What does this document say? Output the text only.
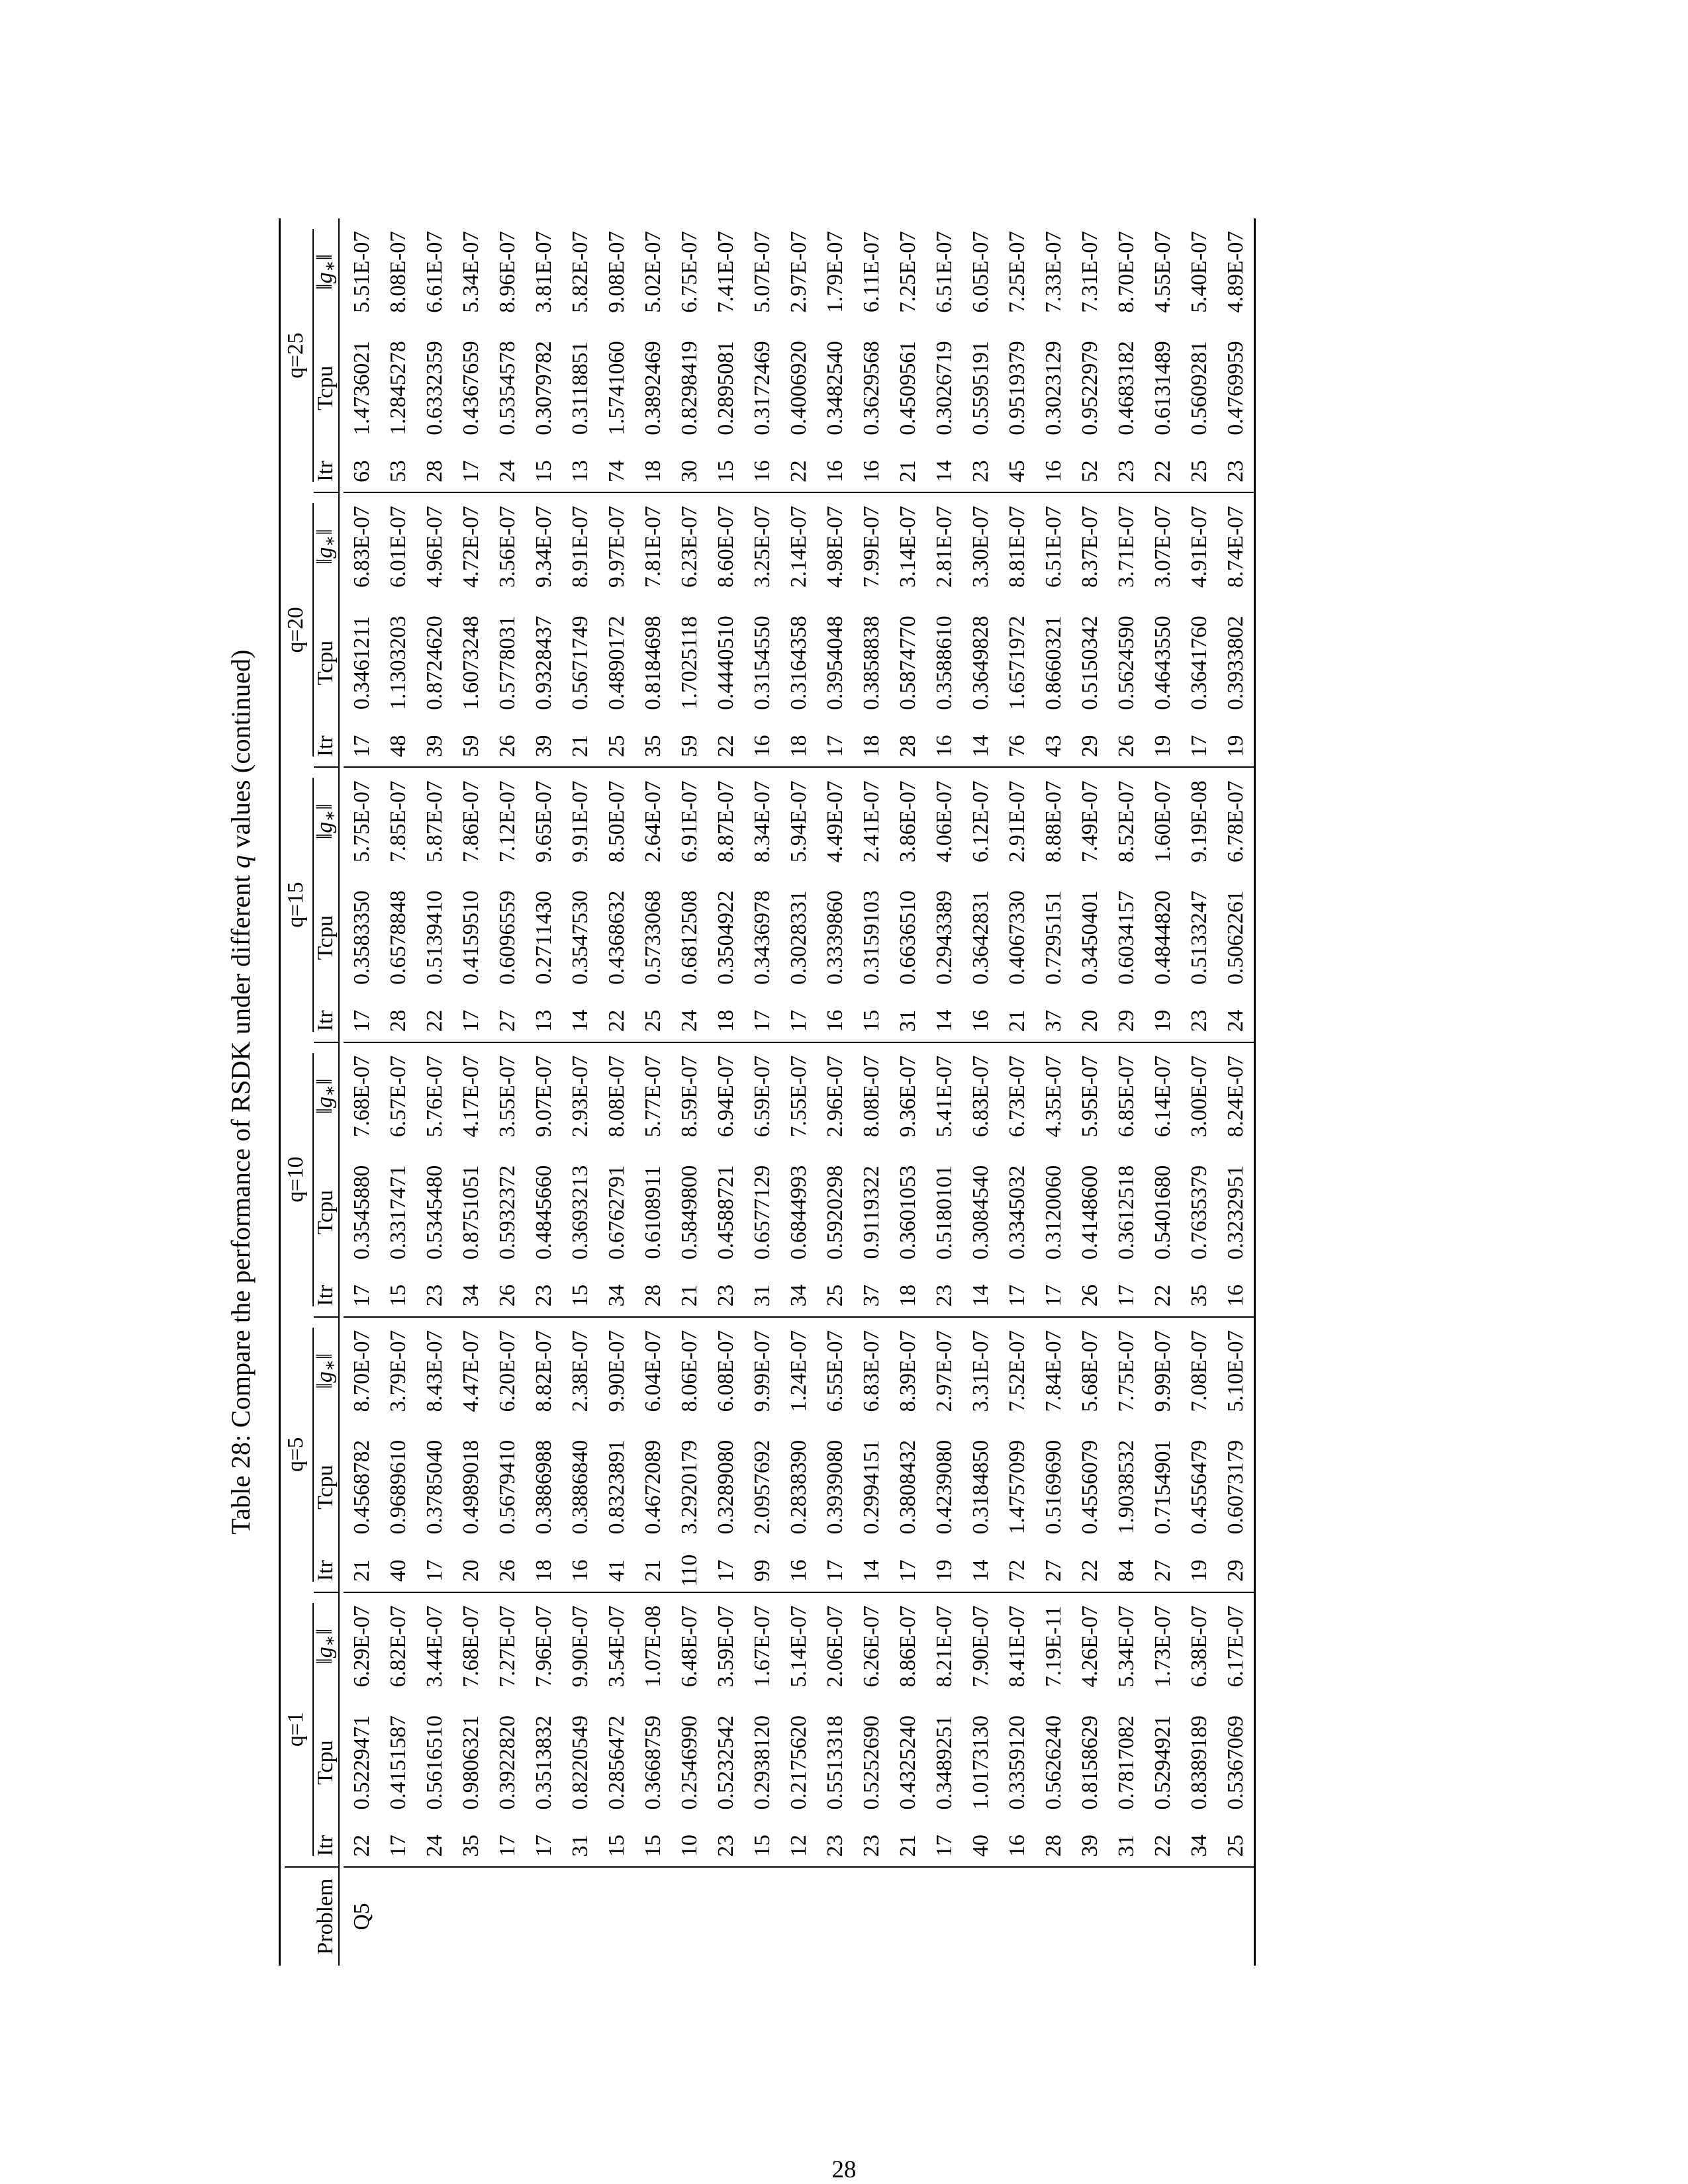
Table 28: Compare the performance of RSDK under different q values (continued)

	q=1			q=5			q=10			q=15			q=20			q=25		

Problem	Itr	Tcpu	$‖g_∗‖$	Itr	Tcpu	$‖g_∗‖$	Itr	Tcpu	$‖g_∗‖$	Itr	Tcpu	$‖g_∗‖$	Itr	Tcpu	$‖g_∗‖$	Itr	Tcpu	$‖g_∗‖$

Q5	22	0.5229471	6.29E-07	21	0.4568782	8.70E-07	17	0.3545880	7.68E-07	17	0.3583350	5.75E-07	17	0.3461211	6.83E-07	63	1.4736021	5.51E-07
	17	0.4151587	6.82E-07	40	0.9689610	3.79E-07	15	0.3317471	6.57E-07	28	0.6578848	7.85E-07	48	1.1303203	6.01E-07	53	1.2845278	8.08E-07
	24	0.5616510	3.44E-07	17	0.3785040	8.43E-07	23	0.5345480	5.76E-07	22	0.5139410	5.87E-07	39	0.8724620	4.96E-07	28	0.6332359	6.61E-07
	35	0.9806321	7.68E-07	20	0.4989018	4.47E-07	34	0.8751051	4.17E-07	17	0.4159510	7.86E-07	59	1.6073248	4.72E-07	17	0.4367659	5.34E-07
	17	0.3922820	7.27E-07	26	0.5679410	6.20E-07	26	0.5932372	3.55E-07	27	0.6096559	7.12E-07	26	0.5778031	3.56E-07	24	0.5354578	8.96E-07
	17	0.3513832	7.96E-07	18	0.3886988	8.82E-07	23	0.4845660	9.07E-07	13	0.2711430	9.65E-07	39	0.9328437	9.34E-07	15	0.3079782	3.81E-07
	31	0.8220549	9.90E-07	16	0.3886840	2.38E-07	15	0.3693213	2.93E-07	14	0.3547530	9.91E-07	21	0.5671749	8.91E-07	13	0.3118851	5.82E-07
	15	0.2856472	3.54E-07	41	0.8323891	9.90E-07	34	0.6762791	8.08E-07	22	0.4368632	8.50E-07	25	0.4890172	9.97E-07	74	1.5741060	9.08E-07
	15	0.3668759	1.07E-08	21	0.4672089	6.04E-07	28	0.6108911	5.77E-07	25	0.5733068	2.64E-07	35	0.8184698	7.81E-07	18	0.3892469	5.02E-07
	10	0.2546990	6.48E-07	110	3.2920179	8.06E-07	21	0.5849800	8.59E-07	24	0.6812508	6.91E-07	59	1.7025118	6.23E-07	30	0.8298419	6.75E-07
	23	0.5232542	3.59E-07	17	0.3289080	6.08E-07	23	0.4588721	6.94E-07	18	0.3504922	8.87E-07	22	0.4440510	8.60E-07	15	0.2895081	7.41E-07
	15	0.2938120	1.67E-07	99	2.0957692	9.99E-07	31	0.6577129	6.59E-07	17	0.3436978	8.34E-07	16	0.3154550	3.25E-07	16	0.3172469	5.07E-07
	12	0.2175620	5.14E-07	16	0.2838390	1.24E-07	34	0.6844993	7.55E-07	17	0.3028331	5.94E-07	18	0.3164358	2.14E-07	22	0.4006920	2.97E-07
	23	0.5513318	2.06E-07	17	0.3939080	6.55E-07	25	0.5920298	2.96E-07	16	0.3339860	4.49E-07	17	0.3954048	4.98E-07	16	0.3482540	1.79E-07
	23	0.5252690	6.26E-07	14	0.2994151	6.83E-07	37	0.9119322	8.08E-07	15	0.3159103	2.41E-07	18	0.3858838	7.99E-07	16	0.3629568	6.11E-07
	21	0.4325240	8.86E-07	17	0.3808432	8.39E-07	18	0.3601053	9.36E-07	31	0.6636510	3.86E-07	28	0.5874770	3.14E-07	21	0.4509561	7.25E-07
	17	0.3489251	8.21E-07	19	0.4239080	2.97E-07	23	0.5180101	5.41E-07	14	0.2943389	4.06E-07	16	0.3588610	2.81E-07	14	0.3026719	6.51E-07
	40	1.0173130	7.90E-07	14	0.3184850	3.31E-07	14	0.3084540	6.83E-07	16	0.3642831	6.12E-07	14	0.3649828	3.30E-07	23	0.5595191	6.05E-07
	16	0.3359120	8.41E-07	72	1.4757099	7.52E-07	17	0.3345032	6.73E-07	21	0.4067330	2.91E-07	76	1.6571972	8.81E-07	45	0.9519379	7.25E-07
	28	0.5626240	7.19E-11	27	0.5169690	7.84E-07	17	0.3120060	4.35E-07	37	0.7295151	8.88E-07	43	0.8660321	6.51E-07	16	0.3023129	7.33E-07
	39	0.8158629	4.26E-07	22	0.4556079	5.68E-07	26	0.4148600	5.95E-07	20	0.3450401	7.49E-07	29	0.5150342	8.37E-07	52	0.9522979	7.31E-07
	31	0.7817082	5.34E-07	84	1.9038532	7.75E-07	17	0.3612518	6.85E-07	29	0.6034157	8.52E-07	26	0.5624590	3.71E-07	23	0.4683182	8.70E-07
	22	0.5294921	1.73E-07	27	0.7154901	9.99E-07	22	0.5401680	6.14E-07	19	0.4844820	1.60E-07	19	0.4643550	3.07E-07	22	0.6131489	4.55E-07
	34	0.8389189	6.38E-07	19	0.4556479	7.08E-07	35	0.7635379	3.00E-07	23	0.5133247	9.19E-08	17	0.3641760	4.91E-07	25	0.5609281	5.40E-07
	25	0.5367069	6.17E-07	29	0.6073179	5.10E-07	16	0.3232951	8.24E-07	24	0.5062261	6.78E-07	19	0.3933802	8.74E-07	23	0.4769959	4.89E-07

28
